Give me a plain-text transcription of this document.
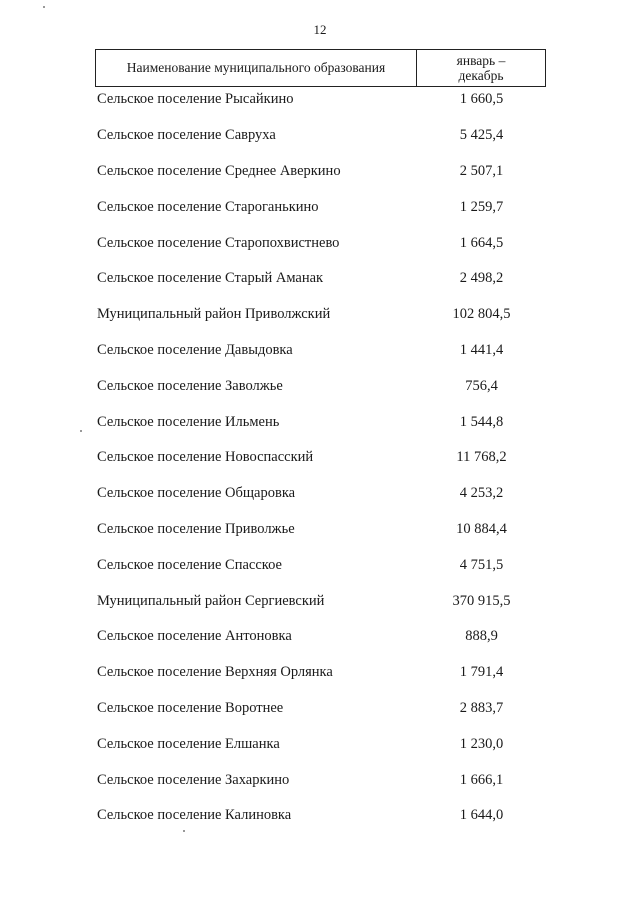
12
Наименование муниципального образования	январь –
декабрь
Сельское поселение Рысайкино	1 660,5
Сельское поселение Савруха	5 425,4
Сельское поселение Среднее Аверкино	2 507,1
Сельское поселение Староганькино	1 259,7
Сельское поселение Старопохвистнево	1 664,5
Сельское поселение Старый Аманак	2 498,2
Муниципальный район Приволжский	102 804,5
Сельское поселение Давыдовка	1 441,4
Сельское поселение Заволжье	756,4
Сельское поселение Ильмень	1 544,8
Сельское поселение Новоспасский	11 768,2
Сельское поселение Общаровка	4 253,2
Сельское поселение Приволжье	10 884,4
Сельское поселение Спасское	4 751,5
Муниципальный район Сергиевский	370 915,5
Сельское поселение Антоновка	888,9
Сельское поселение Верхняя Орлянка	1 791,4
Сельское поселение Воротнее	2 883,7
Сельское поселение Елшанка	1 230,0
Сельское поселение Захаркино	1 666,1
Сельское поселение Калиновка	1 644,0
